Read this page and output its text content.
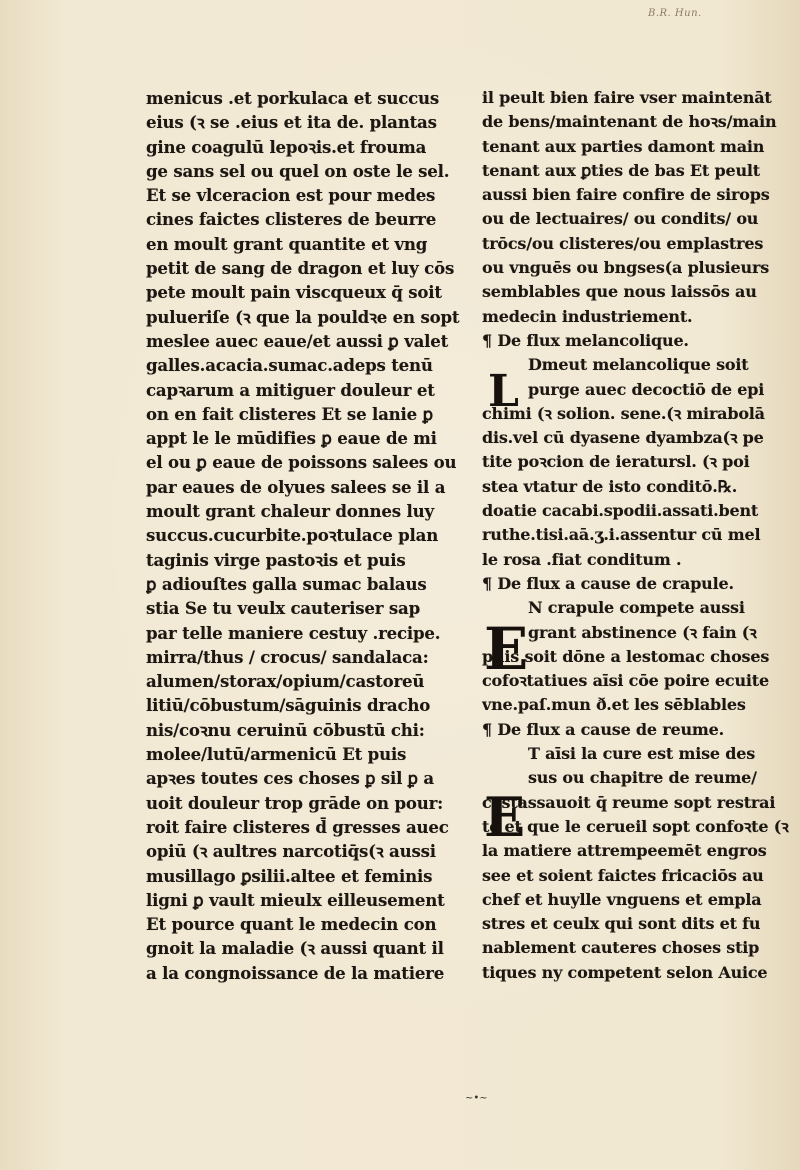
B.R. Hun.
menicus .et porkulaca et succus
eius (ꝛ se .eius et ita de. plantas
gine coagulū lepoꝛis.et frouma
ge sans sel ou quel on oste le sel.
Et se vlceracion est pour medes
cines faictes clisteres de beurre
en moult grant quantite et vng
petit de sang de dragon et luy cōs
pete moult pain viscqueux q̄ soit
pulueriſe (ꝛ que la pouldꝛe en sopt
meslee auec eaue/et aussi ꝑ valet
galles.acacia.sumac.adeps tenū
capꝛarum a mitiguer douleur et
on en fait clisteres Et se lanie ꝑ
appt le le mūdifies ꝑ eaue de mi
el ou ꝑ eaue de poissons salees ou
par eaues de olyues salees se il a
moult grant chaleur donnes luy
succus.cucurbite.poꝛtulace plan
taginis virge pastoꝛis et puis
ꝑ adiouſtes galla sumac balaus
stia Se tu veulx cauteriser sap
par telle maniere cestuy .recipe.
mirra/thus / crocus/ sandalaca:
alumen/storax/opium/castoreū
litiū/cōbustum/sāguinis dracho
nis/coꝛnu ceruinū cōbustū chi:
molee/lutū/armenicū Et puis
apꝛes toutes ces choses ꝑ sil ꝑ a
uoit douleur trop grāde on pour:
roit faire clisteres d̄ gresses auec
opiū (ꝛ aultres narcotiq̄s(ꝛ aussi
musillago ꝑsilii.altee et feminis
ligni ꝑ vault mieulx eilleusement
Et pource quant le medecin con
gnoit la maladie (ꝛ aussi quant il
a la congnoissance de la matiere
il peult bien faire vser maintenāt
de bens/maintenant de hoꝛs/main
tenant aux parties damont main
tenant aux ꝑties de bas Et peult
aussi bien faire confire de sirops
ou de lectuaires/ ou condits/ ou
trōcs/ou clisteres/ou emplastres
ou vnguēs ou bngses(a plusieurs
semblables que nous laissōs au
medecin industriement.
¶ De flux melancolique.
Dmeut melancolique soit
purge auec decoctiō de epi
chimi (ꝛ solion. sene.(ꝛ mirabolā
dis.vel cū dyasene dyambza(ꝛ pe
tite poꝛcion de ieratursl. (ꝛ poi
stea vtatur de isto conditō.℞.
doatie cacabi.spodii.assati.bent
ruthe.tisi.aā.ʒ.i.assentur cū mel
le rosa .fiat conditum .
¶ De flux a cause de crapule.
N crapule compete aussi
grant abstinence (ꝛ fain (ꝛ
puis soit dōne a lestomac choses
cofoꝛtatiues aīsi cōe poire ecuite
vne.paſ.mun ð.et les sēblables
¶ De flux a cause de reume.
T aīsi la cure est mise des
sus ou chapitre de reume/
cestassauoit q̄ reume sopt restrai
te et que le cerueil sopt confoꝛte (ꝛ
la matiere attrempeemēt engros
see et soient faictes fricaciōs au
chef et huylle vnguens et empla
stres et ceulx qui sont dits et fu
nablement cauteres choses stip
tiques ny competent selon Auice
L
E
E
~•~
